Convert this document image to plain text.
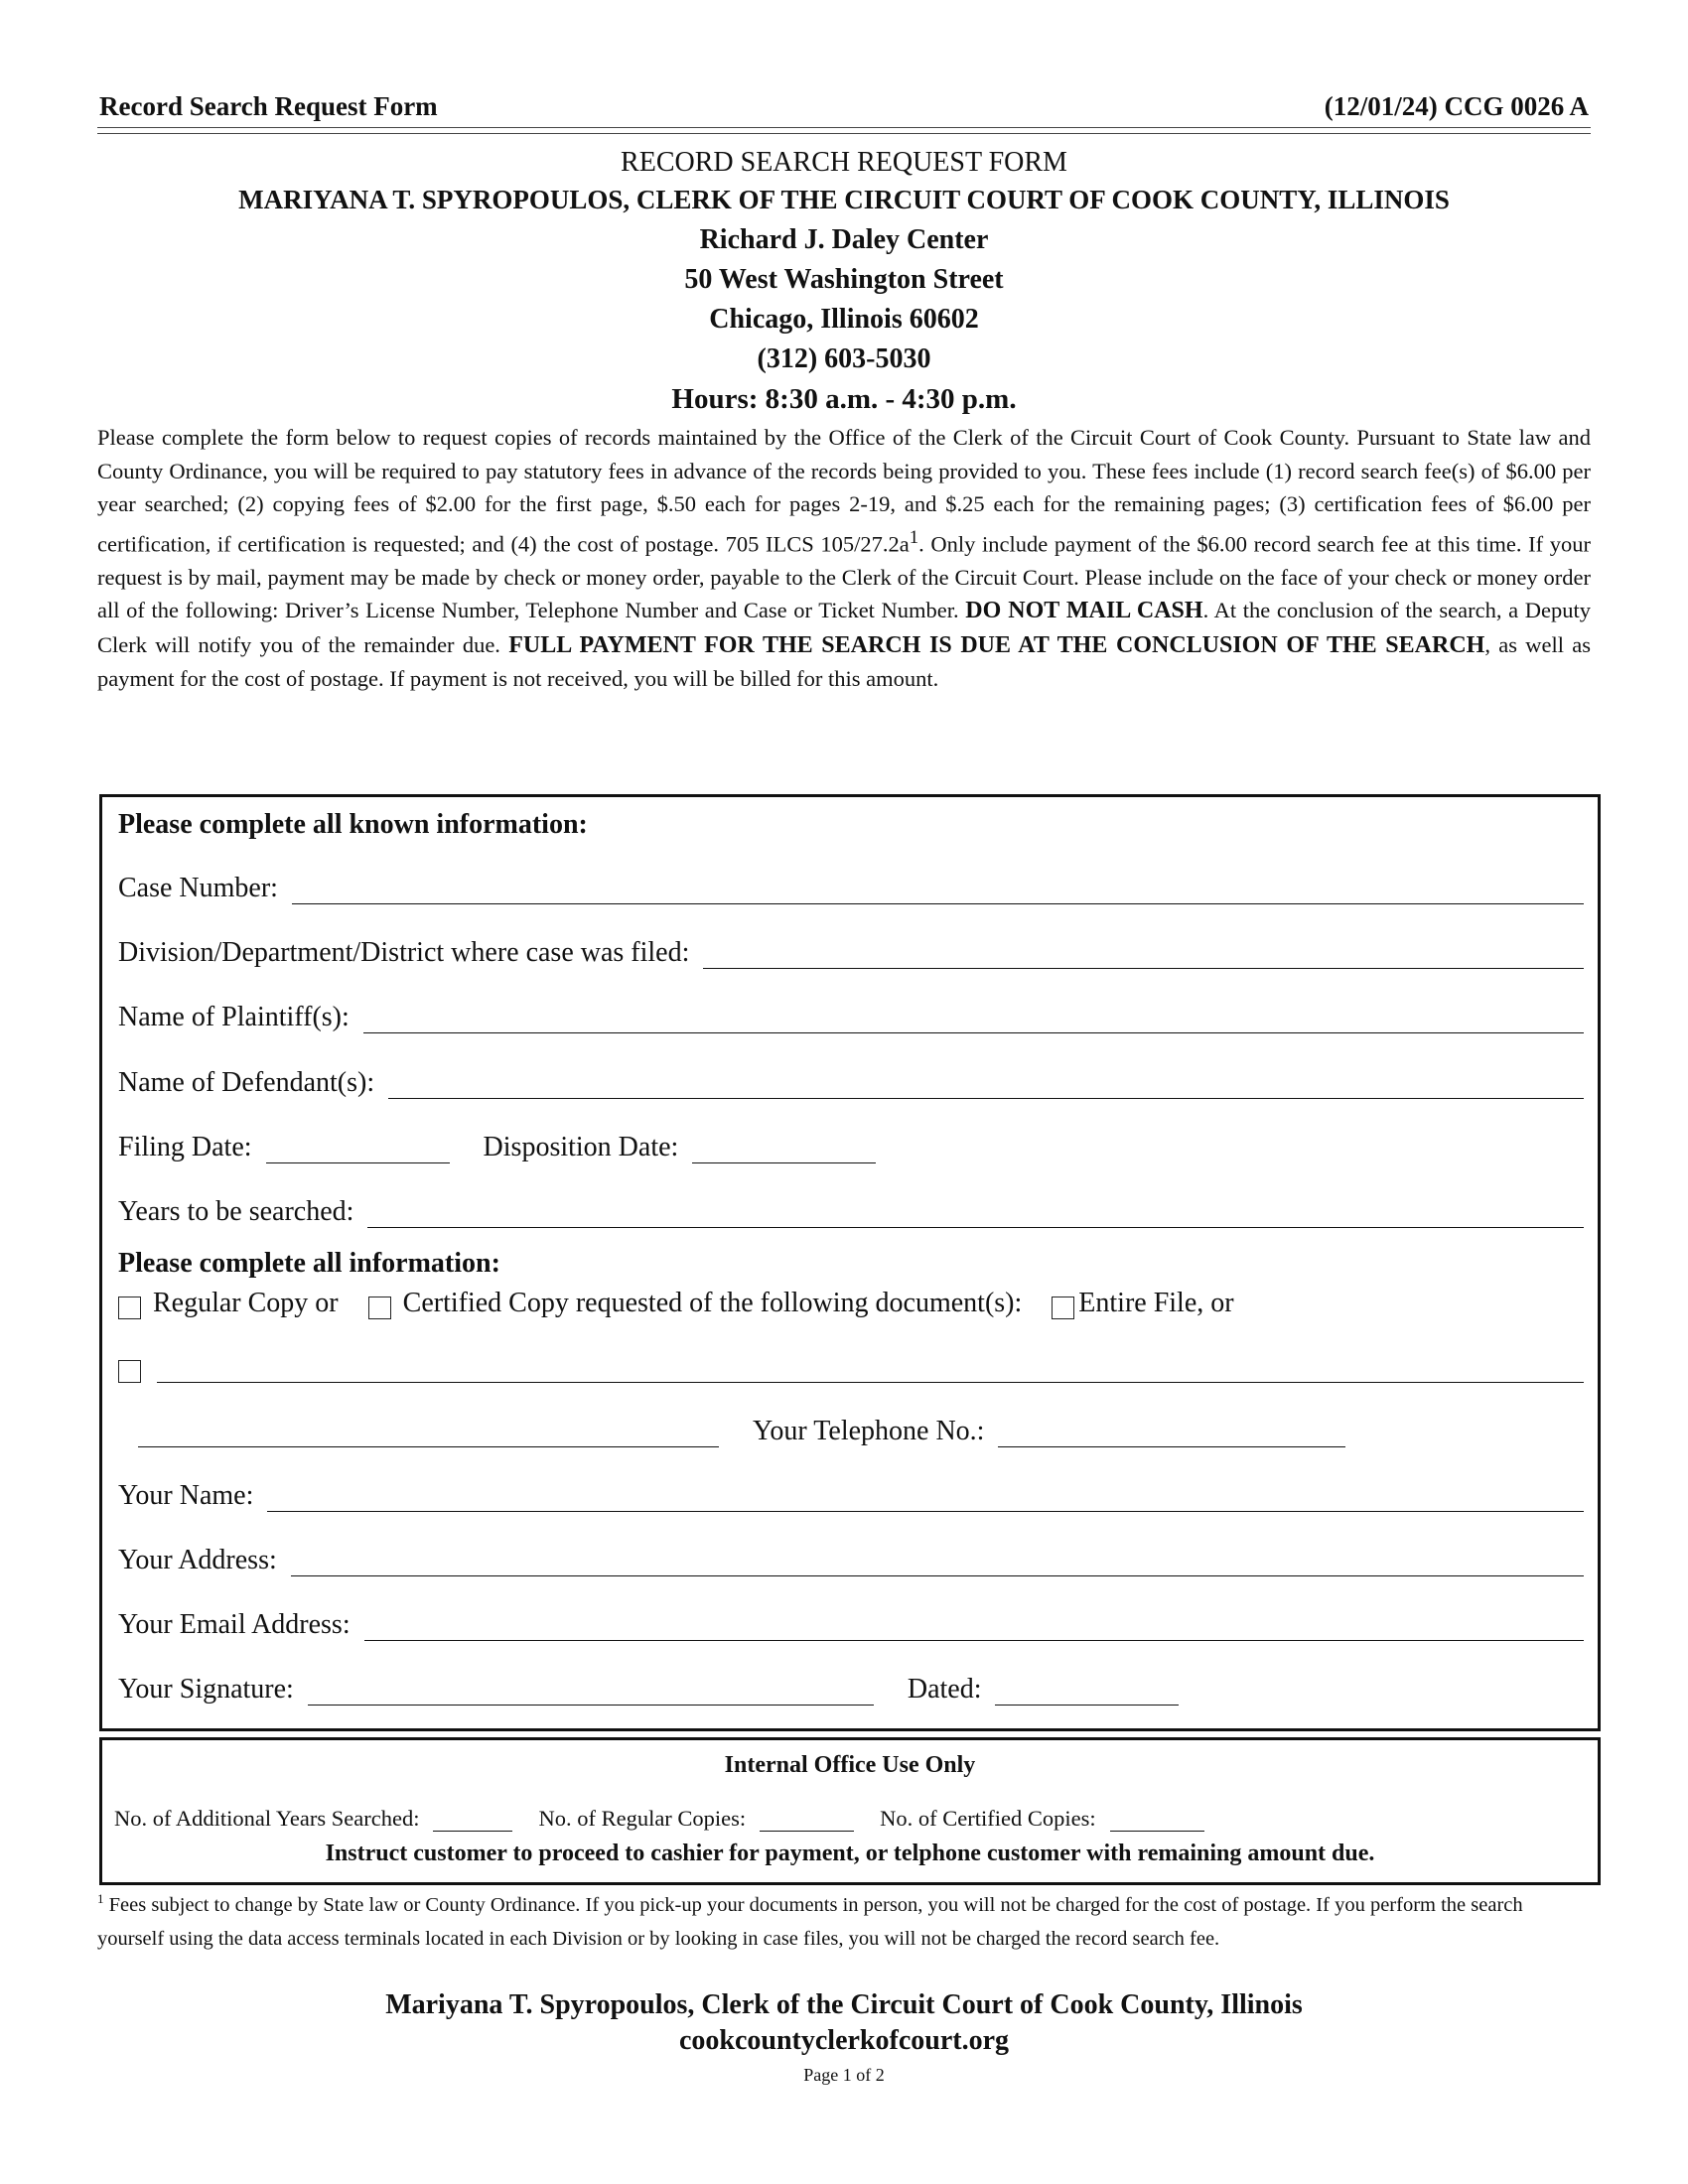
Record Search Request Form	(12/01/24) CCG 0026 A
RECORD SEARCH REQUEST FORM
MARIYANA T. SPYROPOULOS, CLERK OF THE CIRCUIT COURT OF COOK COUNTY, ILLINOIS
Richard J. Daley Center
50 West Washington Street
Chicago, Illinois 60602
(312) 603-5030
Hours: 8:30 a.m. - 4:30 p.m.
Please complete the form below to request copies of records maintained by the Office of the Clerk of the Circuit Court of Cook County. Pursuant to State law and County Ordinance, you will be required to pay statutory fees in advance of the records being provided to you. These fees include (1) record search fee(s) of $6.00 per year searched; (2) copying fees of $2.00 for the first page, $.50 each for pages 2-19, and $.25 each for the remaining pages; (3) certification fees of $6.00 per certification, if certification is requested; and (4) the cost of postage. 705 ILCS $105/27.2a^1$. Only include payment of the $6.00 record search fee at this time. If your request is by mail, payment may be made by check or money order, payable to the Clerk of the Circuit Court. Please include on the face of your check or money order all of the following: Driver’s License Number, Telephone Number and Case or Ticket Number. DO NOT MAIL CASH. At the conclusion of the search, a Deputy Clerk will notify you of the remainder due. FULL PAYMENT FOR THE SEARCH IS DUE AT THE CONCLUSION OF THE SEARCH, as well as payment for the cost of postage. If payment is not received, you will be billed for this amount.
Please complete all known information:
Case Number:
Division/Department/District where case was filed:
Name of Plaintiff(s):
Name of Defendant(s):
Filing Date:	Disposition Date:
Years to be searched:
Please complete all information:
Regular Copy or Certified Copy requested of the following document(s): Entire File, or
Your Telephone No.:
Your Name:
Your Address:
Your Email Address:
Your Signature:	Dated:
Internal Office Use Only
No. of Additional Years Searched:	No. of Regular Copies:	No. of Certified Copies:
Instruct customer to proceed to cashier for payment, or telphone customer with remaining amount due.
$^1$ Fees subject to change by State law or County Ordinance. If you pick-up your documents in person, you will not be charged for the cost of postage. If you perform the search yourself using the data access terminals located in each Division or by looking in case files, you will not be charged the record search fee.
Mariyana T. Spyropoulos, Clerk of the Circuit Court of Cook County, Illinois
cookcountyclerkofcourt.org
Page 1 of 2
